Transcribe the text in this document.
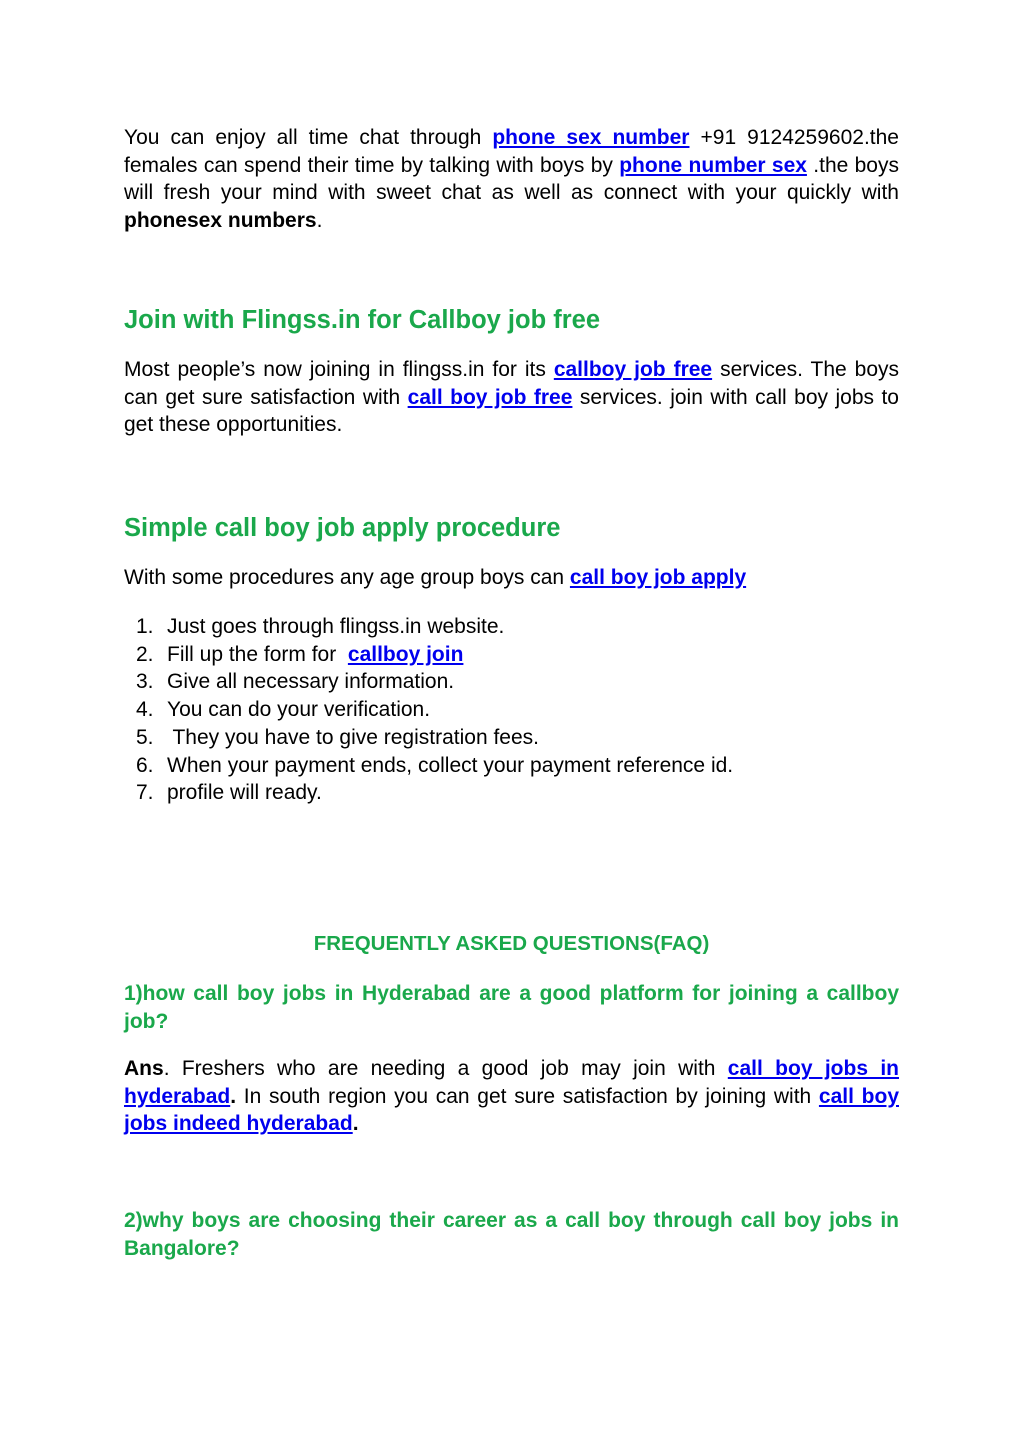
You can enjoy all time chat through phone sex number +91 9124259602.the females can spend their time by talking with boys by phone number sex .the boys will fresh your mind with sweet chat as well as connect with your quickly with phonesex numbers.

Join with Flingss.in for Callboy job free

Most people’s now joining in flingss.in for its callboy job free services. The boys can get sure satisfaction with call boy job free services. join with call boy jobs to get these opportunities.

Simple call boy job apply procedure

With some procedures any age group boys can call boy job apply

1. Just goes through flingss.in website.
2. Fill up the form for  callboy join
3. Give all necessary information.
4. You can do your verification.
5. They you have to give registration fees.
6. When your payment ends, collect your payment reference id.
7. profile will ready.
FREQUENTLY ASKED QUESTIONS(FAQ)

1)how call boy jobs in Hyderabad are a good platform for joining a callboy job?

Ans. Freshers who are needing a good job may join with call boy jobs in hyderabad. In south region you can get sure satisfaction by joining with call boy jobs indeed hyderabad.

2)why boys are choosing their career as a call boy through call boy jobs in Bangalore?
